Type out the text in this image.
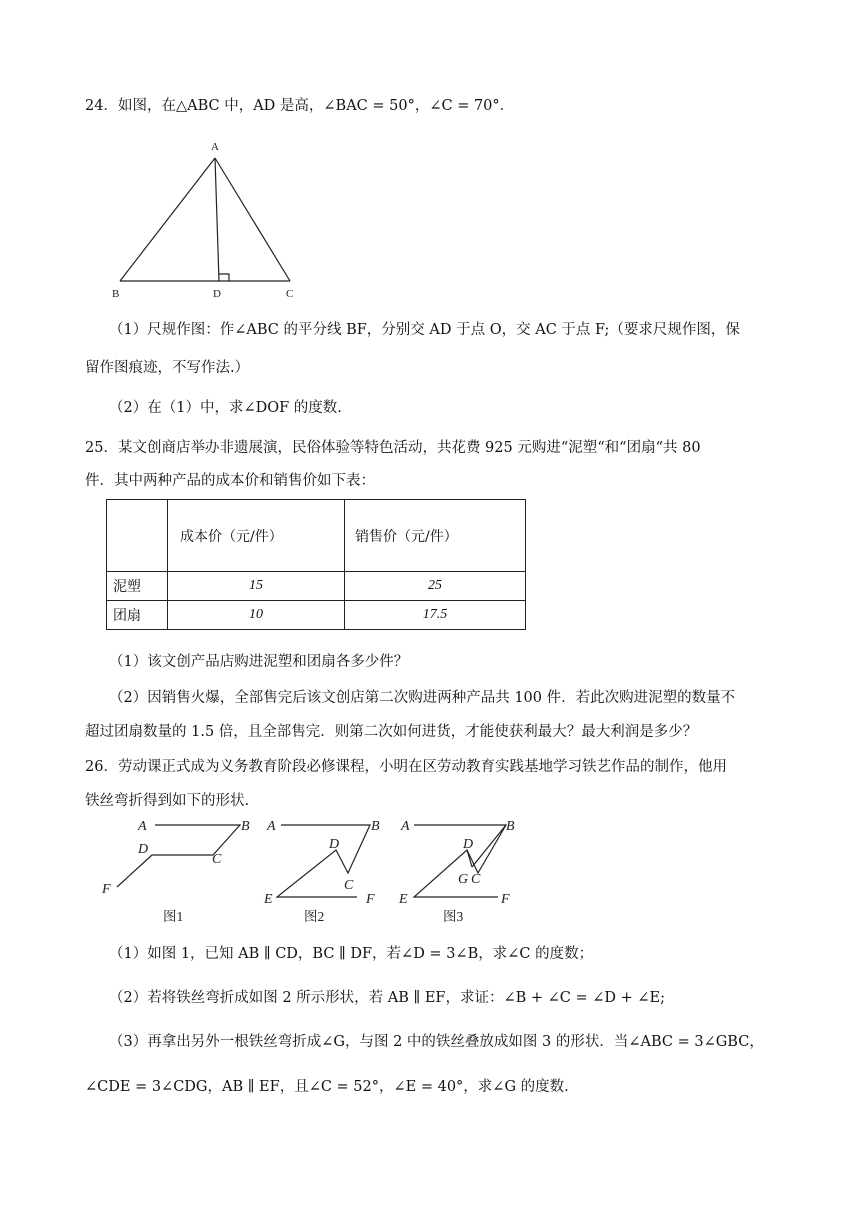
24．如图，在△ABC 中，AD 是高，∠BAC = 50°，∠C = 70°．
A
B	D	C
（1）尺规作图：作∠ABC 的平分线 BF，分别交 AD 于点 O，交 AC 于点 F;（要求尺规作图，保
留作图痕迹，不写作法.）
（2）在（1）中，求∠DOF 的度数.
25．某文创商店举办非遗展演，民俗体验等特色活动，共花费 925 元购进“泥塑“和“团扇“共 80
件．其中两种产品的成本价和销售价如下表：
	成本价（元/件）	销售价（元/件）
泥塑	15	25
团扇	10	17.5
（1）该文创产品店购进泥塑和团扇各多少件？
（2）因销售火爆，全部售完后该文创店第二次购进两种产品共 100 件．若此次购进泥塑的数量不
超过团扇数量的 1.5 倍，且全部售完．则第二次如何进货，才能使获利最大？最大利润是多少？
26．劳动课正式成为义务教育阶段必修课程，小明在区劳动教育实践基地学习铁艺作品的制作，他用
铁丝弯折得到如下的形状.
A	B
D
C
F
A	B
D
C
E	F
A	B
D
G C
E	F
图1	图2	图3
（1）如图 1，已知 AB ∥ CD，BC ∥ DF，若∠D = 3∠B，求∠C 的度数；
（2）若将铁丝弯折成如图 2 所示形状，若 AB ∥ EF，求证：∠B + ∠C = ∠D + ∠E;
（3）再拿出另外一根铁丝弯折成∠G，与图 2 中的铁丝叠放成如图 3 的形状．当∠ABC = 3∠GBC，
∠CDE = 3∠CDG，AB ∥ EF，且∠C = 52°，∠E = 40°，求∠G 的度数.
